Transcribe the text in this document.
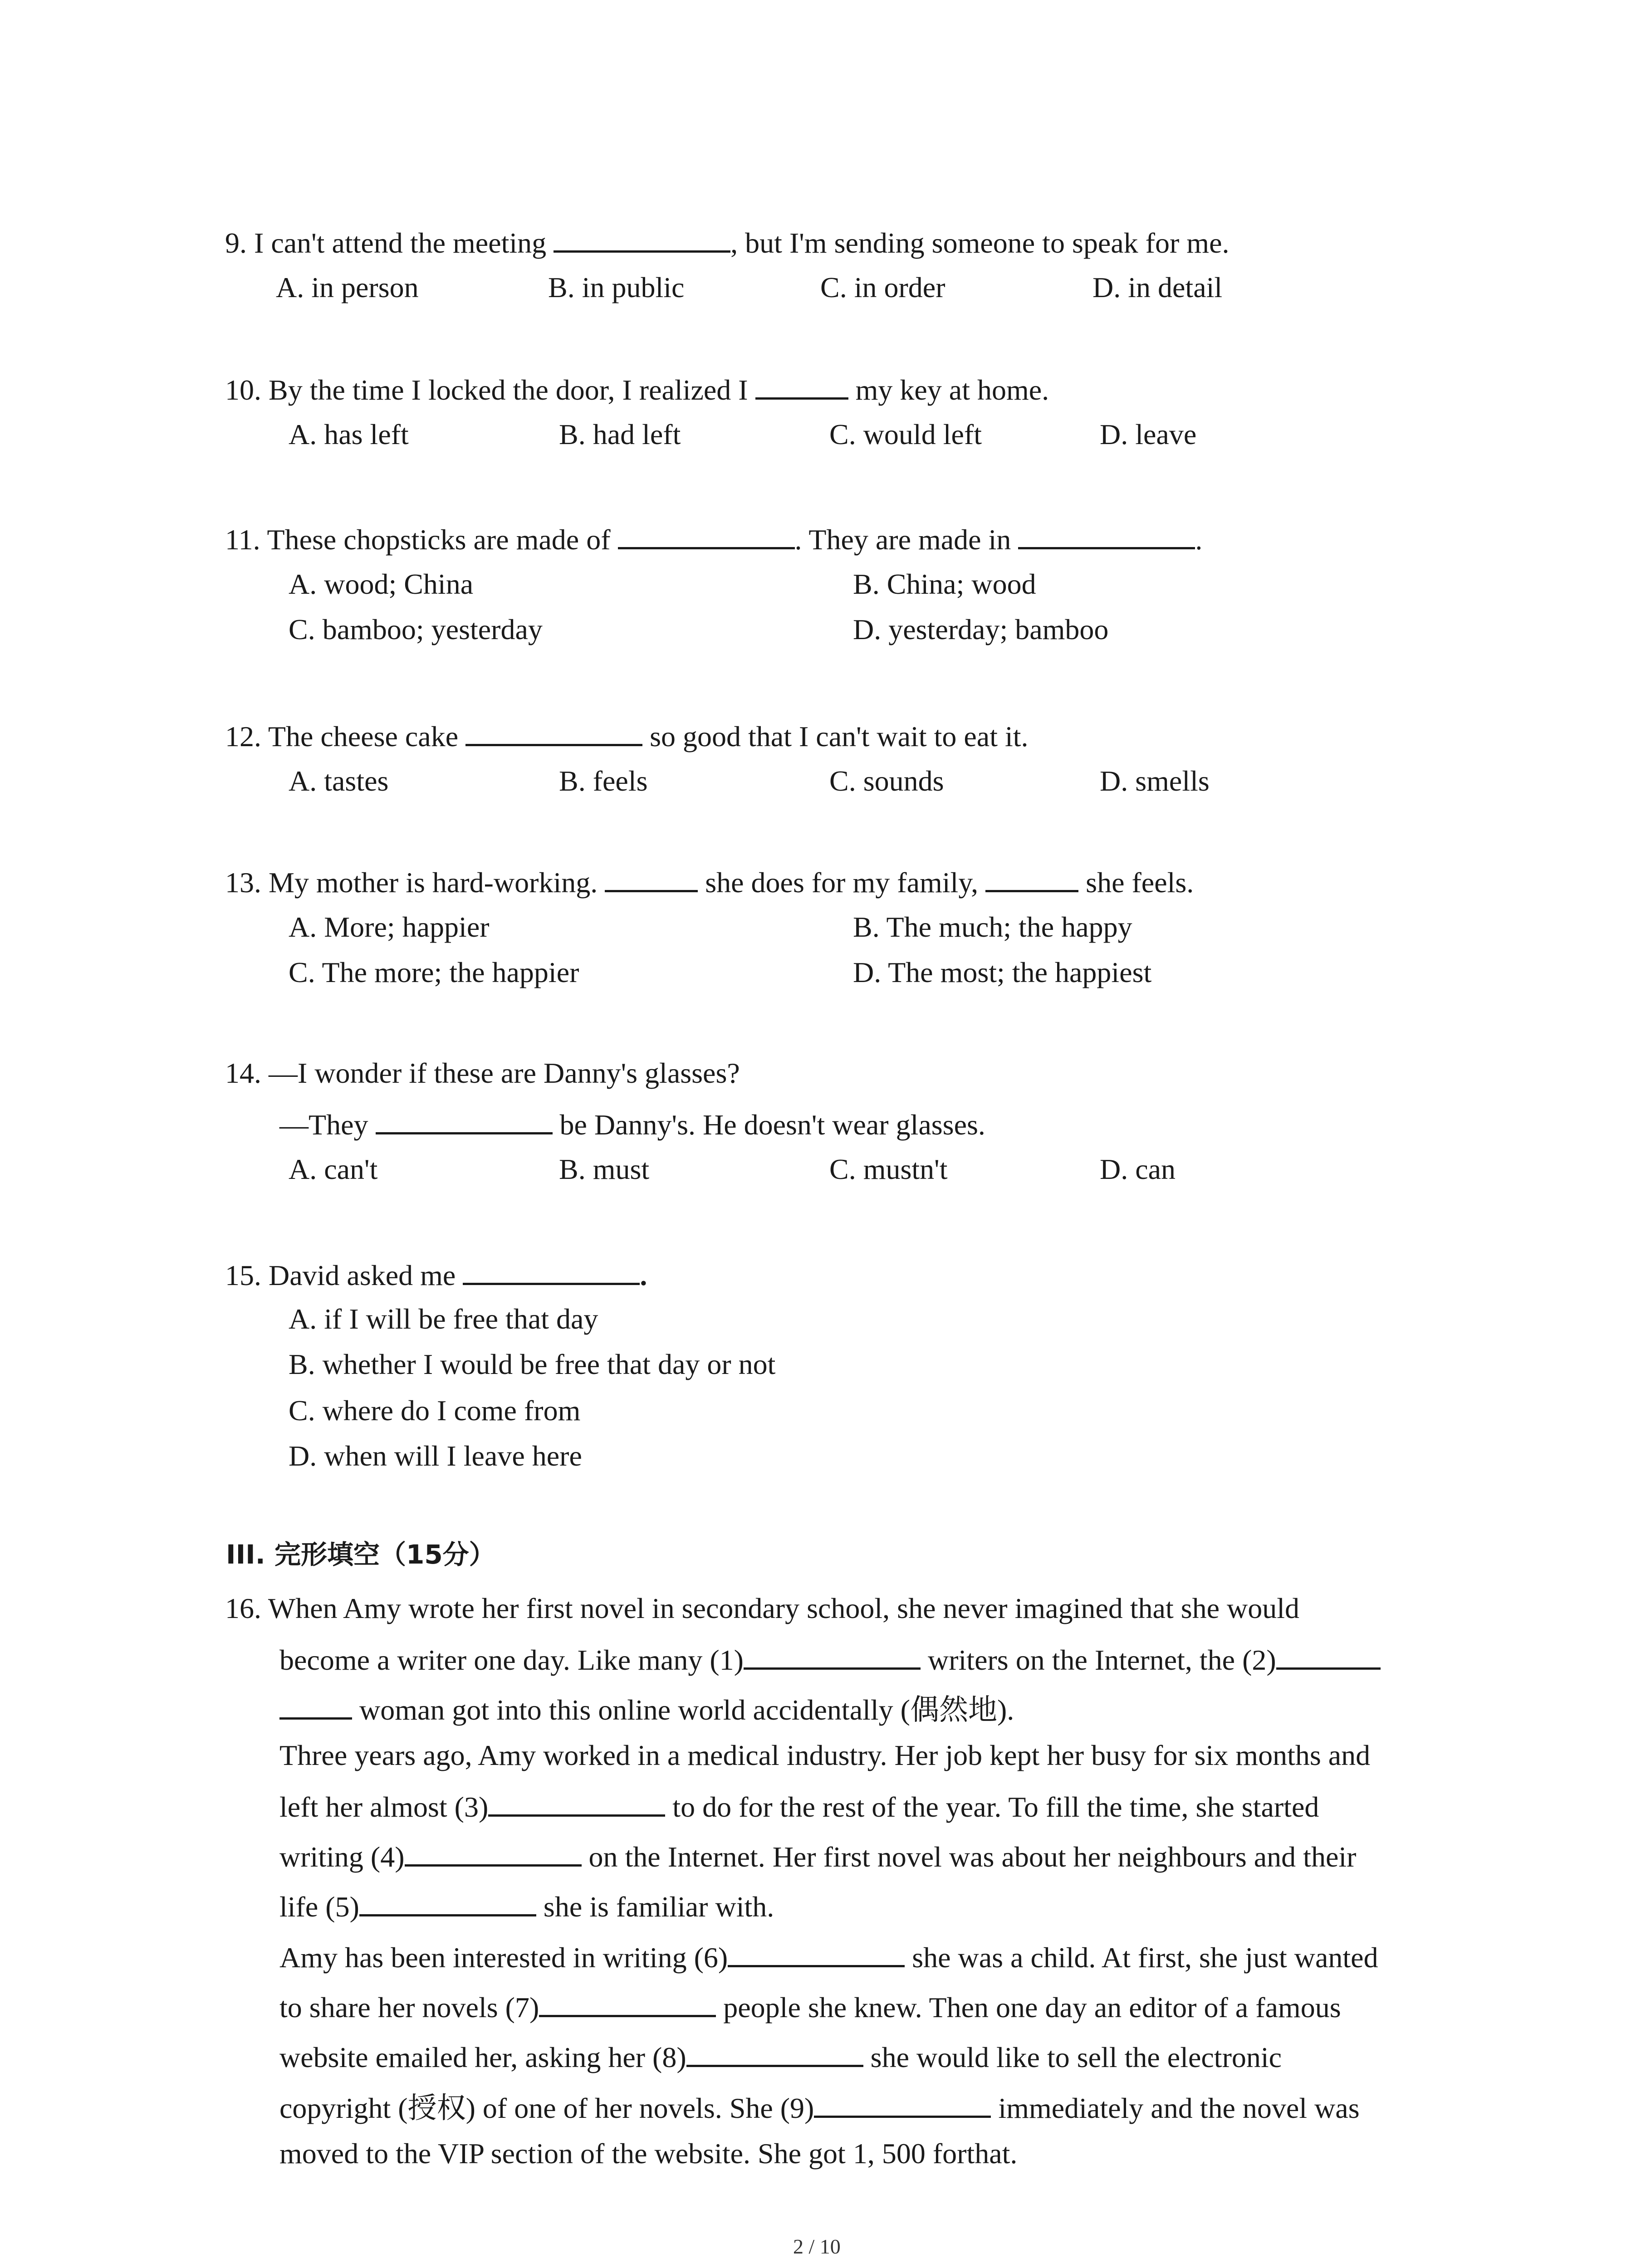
9. I can't attend the meeting	, but I'm sending someone to speak for me.
A. in person	B. in public	C. in order	D. in detail
10. By the time I locked the door, I realized I	my key at home.
A. has left	B. had left	C. would left	D. leave
11. These chopsticks are made of	. They are made in	.
A. wood; China	B. China; wood
C. bamboo; yesterday	D. yesterday; bamboo
12. The cheese cake	so good that I can't wait to eat it.
A. tastes	B. feels	C. sounds	D. smells
13. My mother is hard-working.	she does for my family,	she feels.
A. More; happier	B. The much; the happy
C. The more; the happier	D. The most; the happiest
14. —I wonder if these are Danny's glasses?
—They	be Danny's. He doesn't wear glasses.
A. can't	B. must	C. mustn't	D. can
15. David asked me	.
A. if I will be free that day
B. whether I would be free that day or not
C. where do I come from
D. when will I leave here
III. 完形填空（15分）
16. When Amy wrote her first novel in secondary school, she never imagined that she would
become a writer one day. Like many (1)	writers on the Internet, the (2)
woman got into this online world accidentally (偶然地).
Three years ago, Amy worked in a medical industry. Her job kept her busy for six months and
left her almost (3)	to do for the rest of the year. To fill the time, she started
writing (4)	on the Internet. Her first novel was about her neighbours and their
life (5)	she is familiar with.
Amy has been interested in writing (6)	she was a child. At first, she just wanted
to share her novels (7)	people she knew. Then one day an editor of a famous
website emailed her, asking her (8)	she would like to sell the electronic
copyright (授权) of one of her novels. She (9)	immediately and the novel was
moved to the VIP section of the website. She got 1, 500 forthat.
2 / 10
